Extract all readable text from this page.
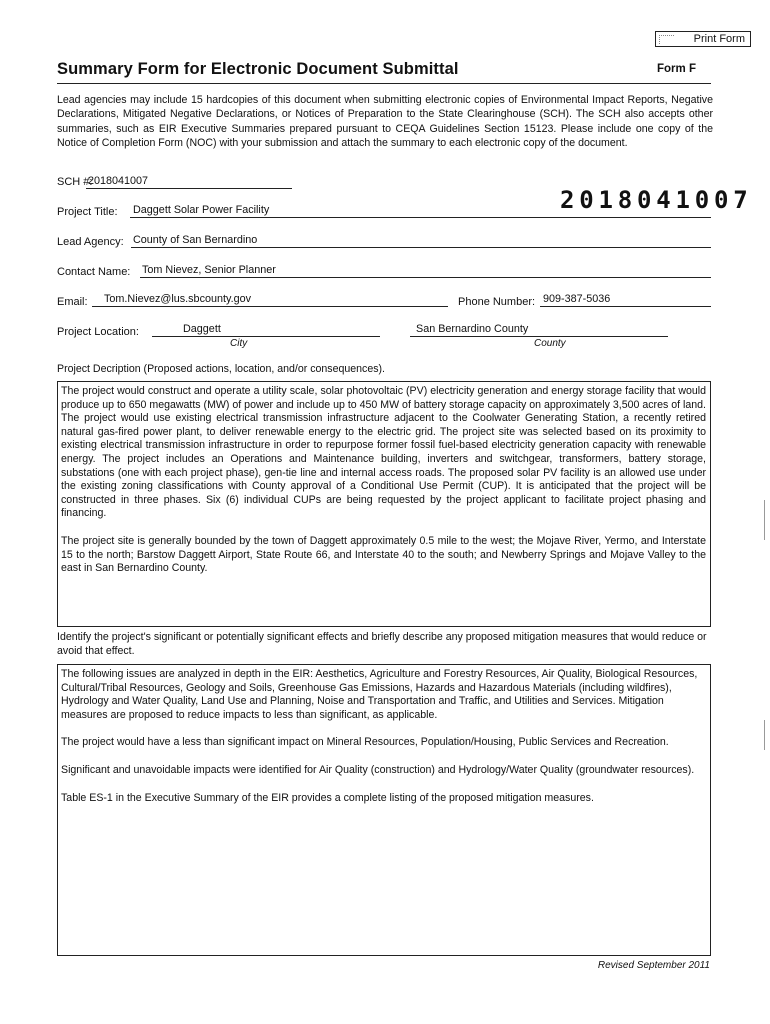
Print Form
Summary Form for Electronic Document Submittal	Form F
Lead agencies may include 15 hardcopies of this document when submitting electronic copies of Environmental Impact Reports, Negative Declarations, Mitigated Negative Declarations, or Notices of Preparation to the State Clearinghouse (SCH). The SCH also accepts other summaries, such as EIR Executive Summaries prepared pursuant to CEQA Guidelines Section 15123. Please include one copy of the Notice of Completion Form (NOC) with your submission and attach the summary to each electronic copy of the document.
SCH #:
2018041007
2018041007
Project Title: Daggett Solar Power Facility
Lead Agency: County of San Bernardino
Contact Name: Tom Nievez, Senior Planner
Email: Tom.Nievez@lus.sbcounty.gov	Phone Number: 909-387-5036
Project Location:	Daggett
City
San Bernardino County
County
Project Decription (Proposed actions, location, and/or consequences).

The project would construct and operate a utility scale, solar photovoltaic (PV) electricity generation and energy storage facility that would produce up to 650 megawatts (MW) of power and include up to 450 MW of battery storage capacity on approximately 3,500 acres of land. The project would use existing electrical transmission infrastructure adjacent to the Coolwater Generating Station, a recently retired natural gas-fired power plant, to deliver renewable energy to the electric grid. The project site was selected based on its proximity to existing electrical transmission infrastructure in order to repurpose former fossil fuel-based electricity generation capacity with renewable energy. The project includes an Operations and Maintenance building, inverters and switchgear, transformers, battery storage, substations (one with each project phase), gen-tie line and internal access roads. The proposed solar PV facility is an allowed use under the existing zoning classifications with County approval of a Conditional Use Permit (CUP). It is anticipated that the project will be constructed in three phases. Six (6) individual CUPs are being requested by the project applicant to facilitate project phasing and financing.

The project site is generally bounded by the town of Daggett approximately 0.5 mile to the west; the Mojave River, Yermo, and Interstate 15 to the north; Barstow Daggett Airport, State Route 66, and Interstate 40 to the south; and Newberry Springs and Mojave Valley to the east in San Bernardino County.

Identify the project's significant or potentially significant effects and briefly describe any proposed mitigation measures that would reduce or avoid that effect.

The following issues are analyzed in depth in the EIR: Aesthetics, Agriculture and Forestry Resources, Air Quality, Biological Resources, Cultural/Tribal Resources, Geology and Soils, Greenhouse Gas Emissions, Hazards and Hazardous Materials (including wildfires), Hydrology and Water Quality, Land Use and Planning, Noise and Transportation and Traffic, and Utilities and Services. Mitigation measures are proposed to reduce impacts to less than significant, as applicable.

The project would have a less than significant impact on Mineral Resources, Population/Housing, Public Services and Recreation.

Significant and unavoidable impacts were identified for Air Quality (construction) and Hydrology/Water Quality (groundwater resources).

Table ES-1 in the Executive Summary of the EIR provides a complete listing of the proposed mitigation measures.

Revised September 2011
